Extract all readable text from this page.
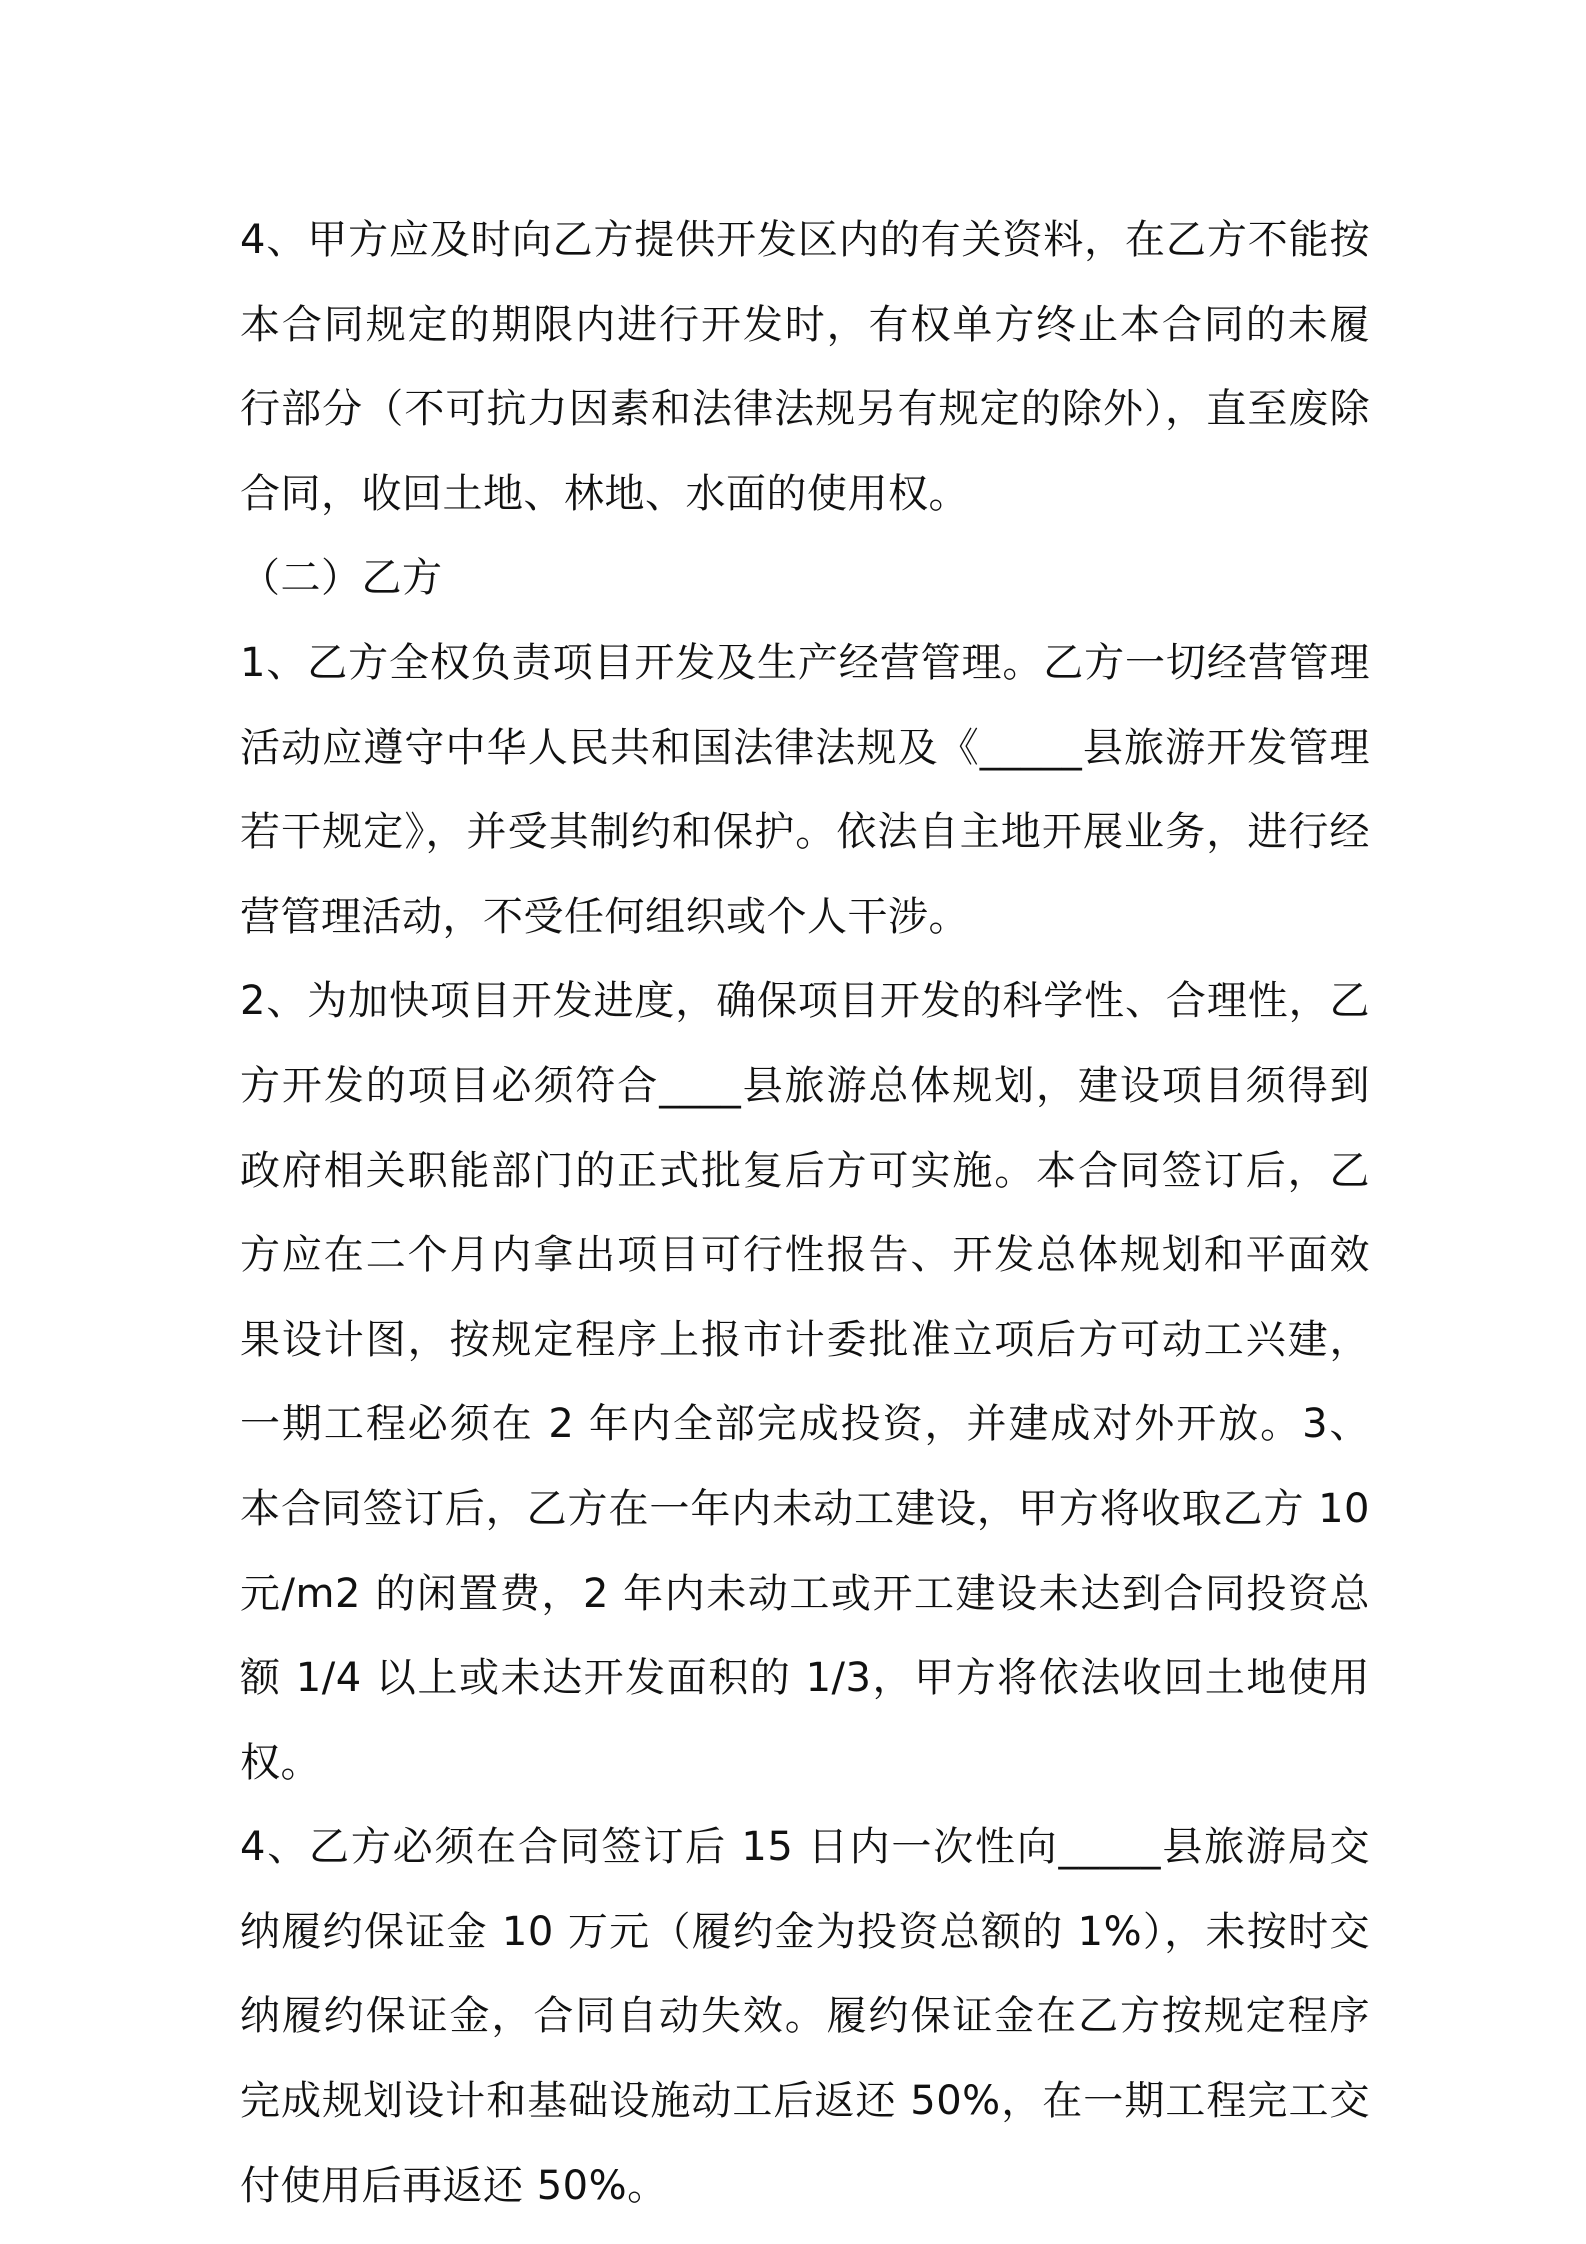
4、甲方应及时向乙方提供开发区内的有关资料，在乙方不能按本合同规定的期限内进行开发时，有权单方终止本合同的未履行部分（不可抗力因素和法律法规另有规定的除外），直至废除合同，收回土地、林地、水面的使用权。

（二）乙方

1、乙方全权负责项目开发及生产经营管理。乙方一切经营管理活动应遵守中华人民共和国法律法规及《_____县旅游开发管理若干规定》，并受其制约和保护。依法自主地开展业务，进行经营管理活动，不受任何组织或个人干涉。

2、为加快项目开发进度，确保项目开发的科学性、合理性，乙方开发的项目必须符合____县旅游总体规划，建设项目须得到政府相关职能部门的正式批复后方可实施。本合同签订后，乙方应在二个月内拿出项目可行性报告、开发总体规划和平面效果设计图，按规定程序上报市计委批准立项后方可动工兴建，一期工程必须在 2 年内全部完成投资，并建成对外开放。3、本合同签订后，乙方在一年内未动工建设，甲方将收取乙方 10 元/m2 的闲置费，2 年内未动工或开工建设未达到合同投资总额 1/4 以上或未达开发面积的 1/3，甲方将依法收回土地使用权。

4、乙方必须在合同签订后 15 日内一次性向_____县旅游局交纳履约保证金 10 万元（履约金为投资总额的 1%），未按时交纳履约保证金，合同自动失效。履约保证金在乙方按规定程序完成规划设计和基础设施动工后返还 50%，在一期工程完工交付使用后再返还 50%。
